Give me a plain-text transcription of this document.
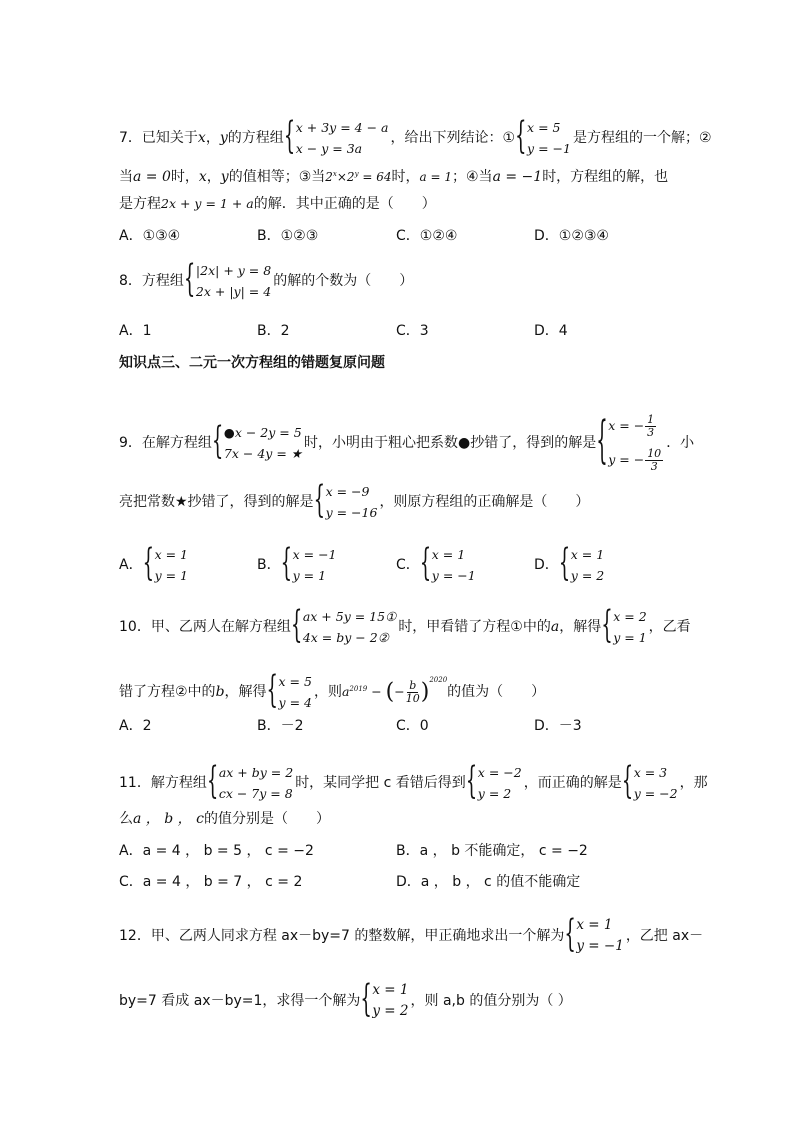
7．已知关于x，y的方程组
{ x + 3y = 4 − a
x − y = 3a
，给出下列结论：①
{ x = 5
y = −1
是方程组的一个解；②
当a = 0时，x，y的值相等；③当$2^x\times 2^y = 64$时，a = 1；④当a = −1时，方程组的解，也
是方程2x + y = 1 + a的解．其中正确的是（　　）
A．①③④	B．①②③	C．①②④	D．①②③④
8．方程组
{ |2x| + y = 8
2x + |y| = 4
的解的个数为（　　）
A．1	B．2	C．3	D．4
知识点三、二元一次方程组的错题复原问题
9．在解方程组
{ ●x − 2y = 5
7x − 4y = ★
时，小明由于粗心把系数●抄错了，得到的解是
{ x = − $\frac{1}{3}$
y = − $\frac{10}{3}$
．小
亮把常数★抄错了，得到的解是
{ x = −9
y = −16
，则原方程组的正确解是（　　）
A．
{ x = 1
y = 1
B．
{ x = −1
y = 1
C．
{ x = 1
y = −1
D．
{ x = 1
y = 2
10．甲、乙两人在解方程组
{ ax + 5y = 15①
4x = by − 2②
时，甲看错了方程①中的a，解得
{ x = 2
y = 1
，乙看
错了方程②中的b，解得
{ x = 5
y = 4
，则$a^{2019}$ − (− $\frac{b}{10} )^{2020}$的值为（　　）
A．2	B．－2	C．0	D．－3
11．解方程组
{ ax + by = 2
cx − 7y = 8
时，某同学把 c 看错后得到
{ x = −2
y = 2
，而正确的解是
{ x = 3
y = −2
，那
么a ， b ， c的值分别是（　　）
A．a = 4 ， b = 5 ， c = −2	B．a ， b 不能确定， c = −2
C．a = 4 ， b = 7 ， c = 2	D．a ， b ， c 的值不能确定
12．甲、乙两人同求方程 ax－by=7 的整数解，甲正确地求出一个解为
{ x = 1
y = −1
，乙把 ax－
by=7 看成 ax－by=1，求得一个解为
{ x = 1
y = 2
，则 a,b 的值分别为（ ）
